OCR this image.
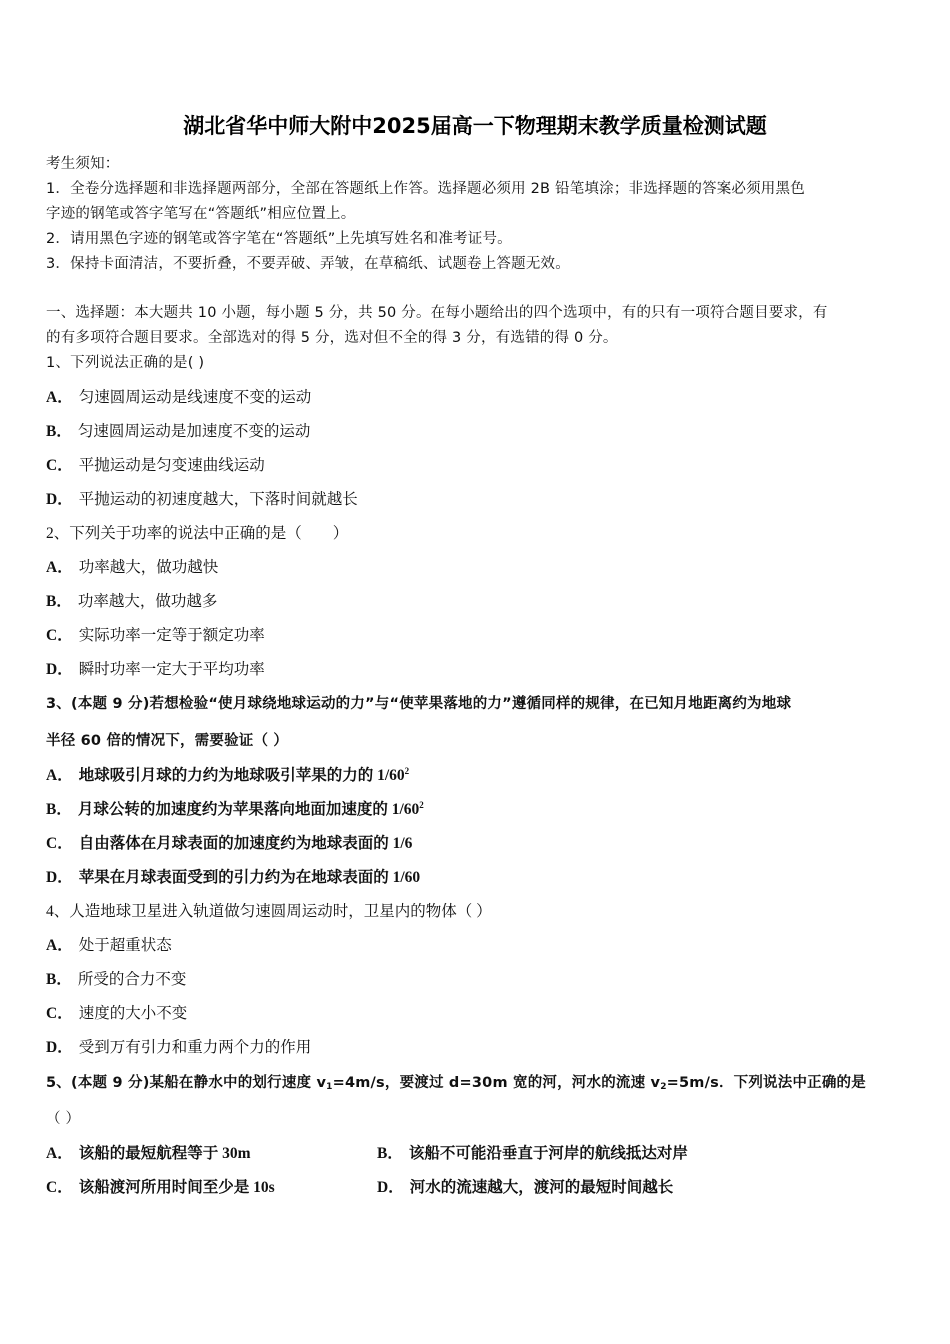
湖北省华中师大附中2025届高一下物理期末教学质量检测试题
考生须知：
1．全卷分选择题和非选择题两部分，全部在答题纸上作答。选择题必须用 2B 铅笔填涂；非选择题的答案必须用黑色
字迹的钢笔或答字笔写在“答题纸”相应位置上。
2．请用黑色字迹的钢笔或答字笔在“答题纸”上先填写姓名和准考证号。
3．保持卡面清洁，不要折叠，不要弄破、弄皱，在草稿纸、试题卷上答题无效。
一、选择题：本大题共 10 小题，每小题 5 分，共 50 分。在每小题给出的四个选项中，有的只有一项符合题目要求，有
的有多项符合题目要求。全部选对的得 5 分，选对但不全的得 3 分，有选错的得 0 分。
1、下列说法正确的是( )
A． 匀速圆周运动是线速度不变的运动
B． 匀速圆周运动是加速度不变的运动
C． 平抛运动是匀变速曲线运动
D． 平抛运动的初速度越大，下落时间就越长
2、下列关于功率的说法中正确的是（　　）
A． 功率越大，做功越快
B． 功率越大，做功越多
C． 实际功率一定等于额定功率
D． 瞬时功率一定大于平均功率
3、(本题 9 分)若想检验“使月球绕地球运动的力”与“使苹果落地的力”遵循同样的规律，在已知月地距离约为地球
半径 60 倍的情况下，需要验证（ ）
A． 地球吸引月球的力约为地球吸引苹果的力的 $1/60^2$
B． 月球公转的加速度约为苹果落向地面加速度的 $1/60^2$
C． 自由落体在月球表面的加速度约为地球表面的 1/6
D． 苹果在月球表面受到的引力约为在地球表面的 1/60
4、人造地球卫星进入轨道做匀速圆周运动时，卫星内的物体（ ）
A． 处于超重状态
B． 所受的合力不变
C． 速度的大小不变
D． 受到万有引力和重力两个力的作用
5、(本题 9 分)某船在静水中的划行速度 $v_1=4m/s$，要渡过 d=30m 宽的河，河水的流速 $v_2=5m/s$．下列说法中正确的是
（ ）
A． 该船的最短航程等于 30m	B． 该船不可能沿垂直于河岸的航线抵达对岸
C． 该船渡河所用时间至少是 10s	D． 河水的流速越大，渡河的最短时间越长
